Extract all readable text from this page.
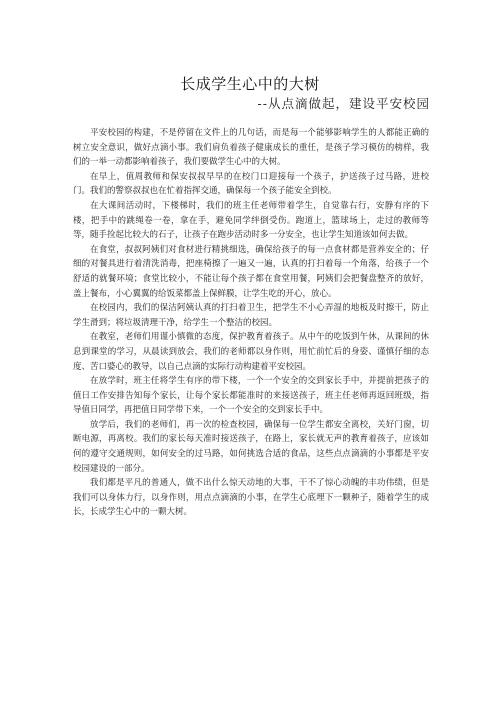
长成学生心中的大树
--从点滴做起，建设平安校园

平安校园的构建，不是停留在文件上的几句话，而是每一个能够影响学生的人都能正确的树立安全意识，做好点滴小事。我们肩负着孩子健康成长的重任，是孩子学习模仿的榜样，我们的一举一动都影响着孩子，我们要做学生心中的大树。

在早上，值周教师和保安叔叔早早的在校门口迎接每一个孩子，护送孩子过马路，进校门。我们的警察叔叔也在忙着指挥交通，确保每一个孩子能安全到校。

在大课间活动时，下楼梯时，我们的班主任老师带着学生，自觉靠右行，安静有序的下楼，把手中的跳绳卷一卷，拿在手，避免同学绊倒受伤。跑道上，篮球场上，走过的教师等等，随手捡起比较大的石子，让孩子在跑步活动时多一分安全，也让学生知道该如何去做。

在食堂，叔叔阿姨们对食材进行精挑细选，确保给孩子的每一点食材都是营养安全的；仔细的对餐具进行着清洗消毒，把座椅擦了一遍又一遍，认真的打扫着每一个角落，给孩子一个舒适的就餐环境；食堂比较小，不能让每个孩子都在食堂用餐，阿姨们会把餐盘整齐的放好，盖上餐布，小心翼翼的给饭菜都盖上保鲜膜，让学生吃的开心，放心。

在校园内，我们的保洁阿姨认真的打扫着卫生，把学生不小心弄湿的地板及时擦干，防止学生滑到；将垃圾清理干净，给学生一个整洁的校园。

在教室，老师们用谨小慎微的态度，保护教育着孩子。从中午的吃饭到午休，从课间的休息到课堂的学习，从晨读到放会，我们的老师都以身作则，用忙前忙后的身姿、谨慎仔细的态度、苦口婆心的教导，以自己点滴的实际行动构建着平安校园。

在放学时，班主任将学生有序的带下楼，一个一个安全的交到家长手中，并提前把孩子的值日工作安排告知每个家长，让每个家长都能准时的来接送孩子，班主任老师再返回班级，指导值日同学，再把值日同学带下来，一个一个安全的交到家长手中。

放学后，我们的老师们，再一次的检查校园，确保每一位学生都安全离校，关好门窗，切断电源，再离校。我们的家长每天准时接送孩子，在路上，家长就无声的教育着孩子，应该如何的遵守交通规则，如何安全的过马路，如何挑选合适的食品，这些点点滴滴的小事都是平安校园建设的一部分。

我们都是平凡的普通人，做不出什么惊天动地的大事，干不了惊心动魄的丰功伟绩，但是我们可以身体力行，以身作则，用点点滴滴的小事，在学生心底埋下一颗种子，随着学生的成长，长成学生心中的一颗大树。
